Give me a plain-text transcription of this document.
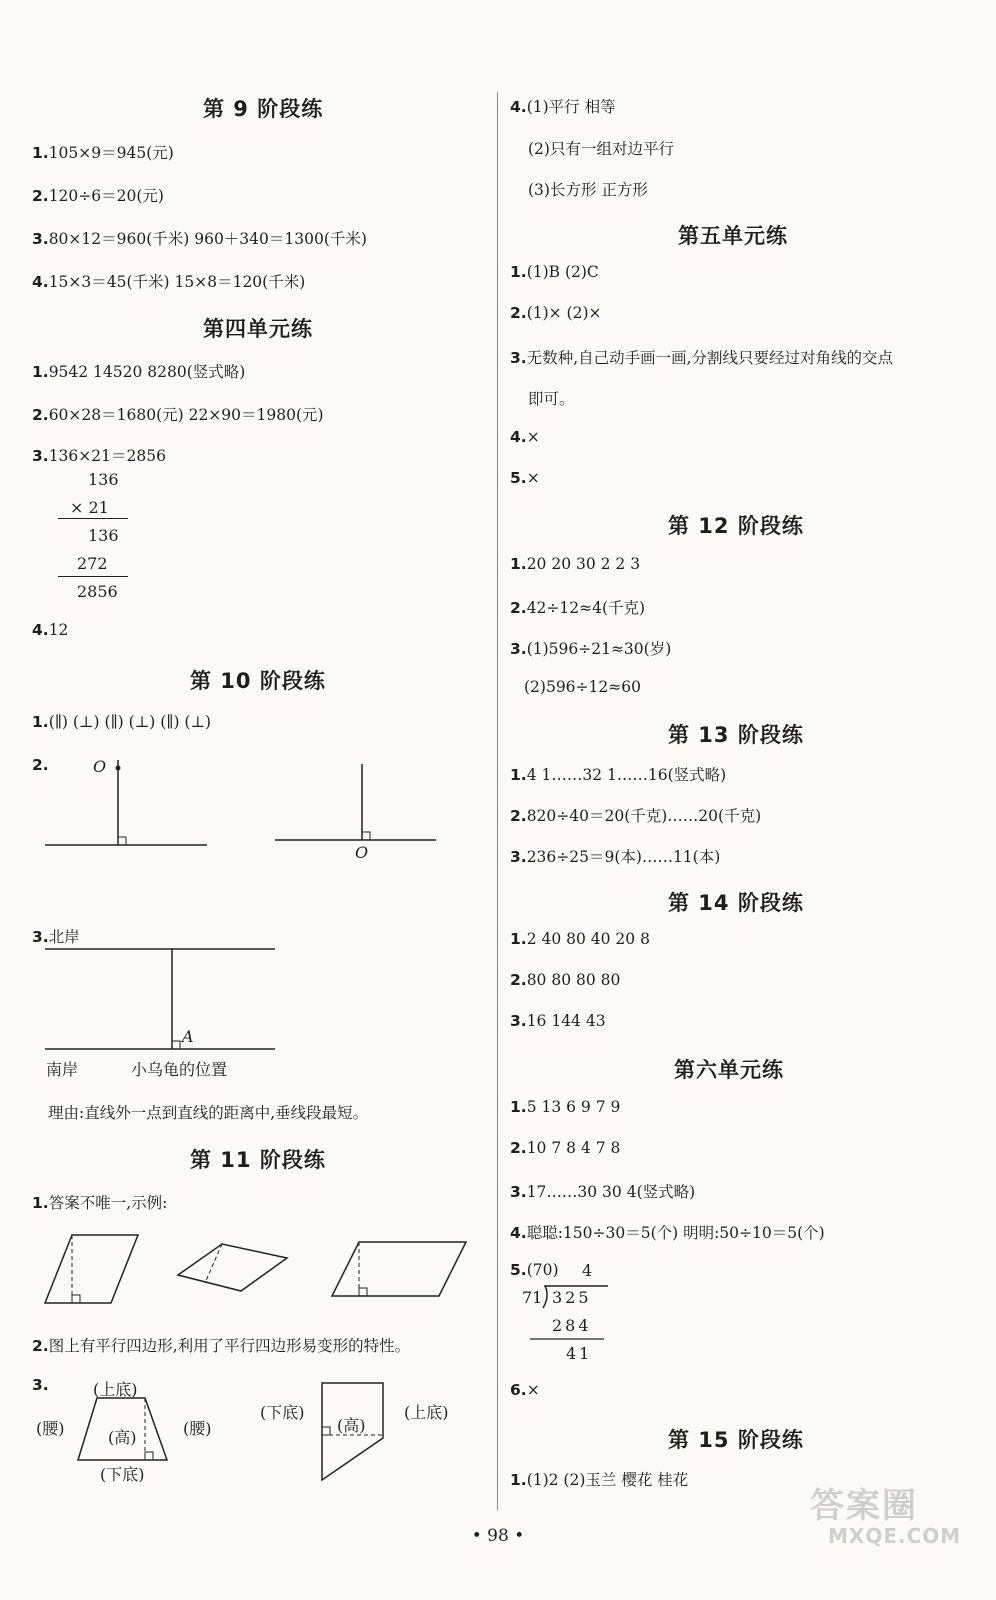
第 9 阶段练
1.105×9＝945(元)
2.120÷6＝20(元)
3.80×12＝960(千米) 960＋340＝1300(千米)
4.15×3＝45(千米) 15×8＝120(千米)
第四单元练
1.9542 14520 8280(竖式略)
2.60×28＝1680(元) 22×90＝1980(元)
3.136×21＝2856
136
× 21
136
272
2856
4.12
第 10 阶段练
1.(∥) (⊥) (∥) (⊥) (∥) (⊥)
2.	O
O
3.北岸
A
南岸	小乌龟的位置
理由:直线外一点到直线的距离中,垂线段最短。
第 11 阶段练
1.答案不唯一,示例:
2.图上有平行四边形,利用了平行四边形易变形的特性。
3.	(上底)
(腰)	(高)	(腰)
(下底)
(下底)
(高)
(上底)
4.(1)平行 相等
(2)只有一组对边平行
(3)长方形 正方形
第五单元练
1.(1)B (2)C
2.(1)× (2)×
3.无数种,自己动手画一画,分割线只要经过对角线的交点
即可。
4.×
5.×
第 12 阶段练
1.20 20 30 2 2 3
2.42÷12≈4(千克)
3.(1)596÷21≈30(岁)
(2)596÷12≈60
第 13 阶段练
1.4 1……32 1……16(竖式略)
2.820÷40＝20(千克)……20(千克)
3.236÷25＝9(本)……11(本)
第 14 阶段练
1.2 40 80 40 20 8
2.80 80 80 80
3.16 144 43
第六单元练
1.5 13 6 9 7 9
2.10 7 8 4 7 8
3.17……30 30 4(竖式略)
4.聪聪:150÷30＝5(个) 明明:50÷10＝5(个)
5.(70) 4
71 325
284
41
6.×
第 15 阶段练
1.(1)2 (2)玉兰 樱花 桂花
• 98 •
答案圈
MXQE.COM
